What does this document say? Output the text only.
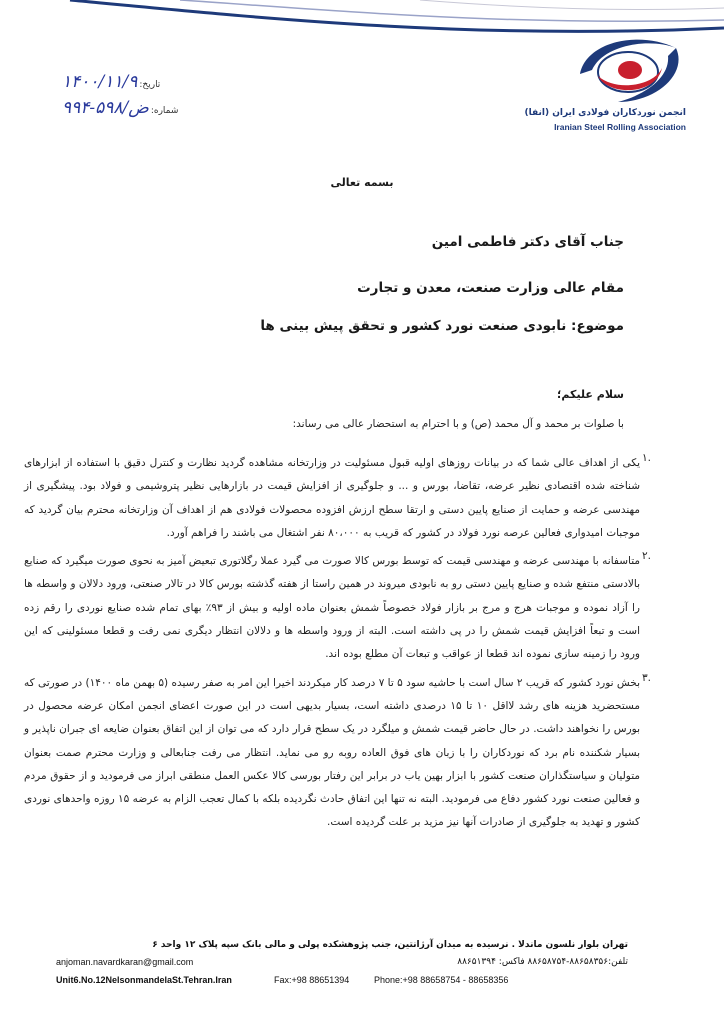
انجمن نوردکاران فولادی ایران (انفا)
Iranian Steel Rolling Association
تاریخ:
۱۴۰۰/۱۱/۹
شماره:
۹۹۴-۵۹۸/ض
بسمه تعالی
جناب آقای دکتر فاطمی امین
مقام عالی وزارت صنعت، معدن و تجارت
موضوع: نابودی صنعت نورد کشور و تحقق پیش بینی ها
سلام علیکم؛
با صلوات بر محمد و آل محمد (ص) و با احترام به استحضار عالی می رساند:
۱.
یکی از اهداف عالی شما که در بیانات روزهای اولیه قبول مسئولیت در وزارتخانه مشاهده گردید نظارت و کنترل دقیق با استفاده از ابزارهای شناخته شده اقتصادی نظیر عرضه، تقاضا، بورس و ... و جلوگیری از افزایش قیمت در بازارهایی نظیر پتروشیمی و فولاد بود. پیشگیری از مهندسی عرضه و حمایت از صنایع پایین دستی و ارتقا سطح ارزش افزوده محصولات فولادی هم از اهداف آن وزارتخانه محترم بیان گردید که موجبات امیدواری فعالین عرصه نورد فولاد در کشور که قریب به ۸۰،۰۰۰ نفر اشتغال می باشند را فراهم آورد.
۲.
متاسفانه با مهندسی عرضه و مهندسی قیمت که توسط بورس کالا صورت می گیرد عملا رگلاتوری تبعیض آمیز به نحوی صورت میگیرد که صنایع بالادستی منتفع شده و صنایع پایین دستی رو به نابودی میروند در همین راستا از هفته گذشته بورس کالا در تالار صنعتی، ورود دلالان و واسطه ها را آزاد نموده و موجبات هرج و مرج بر بازار فولاد خصوصاً شمش بعنوان ماده اولیه و بیش از ۹۳٪ بهای تمام شده صنایع نوردی را رقم زده است و تبعاً افزایش قیمت شمش را در پی داشته است. البته از ورود واسطه ها و دلالان انتظار دیگری نمی رفت و قطعا مسئولینی که این ورود را زمینه سازی نموده اند قطعا از عواقب و تبعات آن مطلع بوده اند.
۳.
بخش نورد کشور که قریب ۲ سال است با حاشیه سود ۵ تا ۷ درصد کار میکردند اخیرا این امر به صفر رسیده (۵ بهمن ماه ۱۴۰۰) در صورتی که مستحضرید هزینه های رشد لااقل ۱۰ تا ۱۵ درصدی داشته است، بسیار بدیهی است در این صورت اعضای انجمن امکان عرضه محصول در بورس را نخواهند داشت. در حال حاضر قیمت شمش و میلگرد در یک سطح قرار دارد که می توان از این اتفاق بعنوان ضایعه ای جبران ناپذیر و بسیار شکننده نام برد که نوردکاران را با زبان های فوق العاده روبه رو می نماید. انتظار می رفت جنابعالی و وزارت محترم صمت بعنوان متولیان و سیاستگذاران صنعت کشور با ابزار بهین یاب در برابر این رفتار بورسی کالا عکس العمل منطقی ابراز می فرمودید و از حقوق مردم و فعالین صنعت نورد کشور دفاع می فرمودید. البته نه تنها این اتفاق حادث نگردیده بلکه با کمال تعجب الزام به عرضه ۱۵ روزه واحدهای نوردی کشور و تهدید به جلوگیری از صادرات آنها نیز مزید بر علت گردیده است.
تهران بلوار نلسون ماندلا . نرسیده به میدان آرژانتین، جنب پژوهشکده پولی و مالی بانک سپه پلاک ۱۲ واحد ۶
تلفن:۸۸۶۵۸۳۵۶-۸۸۶۵۸۷۵۴ فاکس: ۸۸۶۵۱۳۹۴
anjoman.navardkaran@gmail.com
Unit6.No.12NelsonmandelaSt.Tehran.Iran	Fax:+98 88651394	Phone:+98 88658754 - 88658356
